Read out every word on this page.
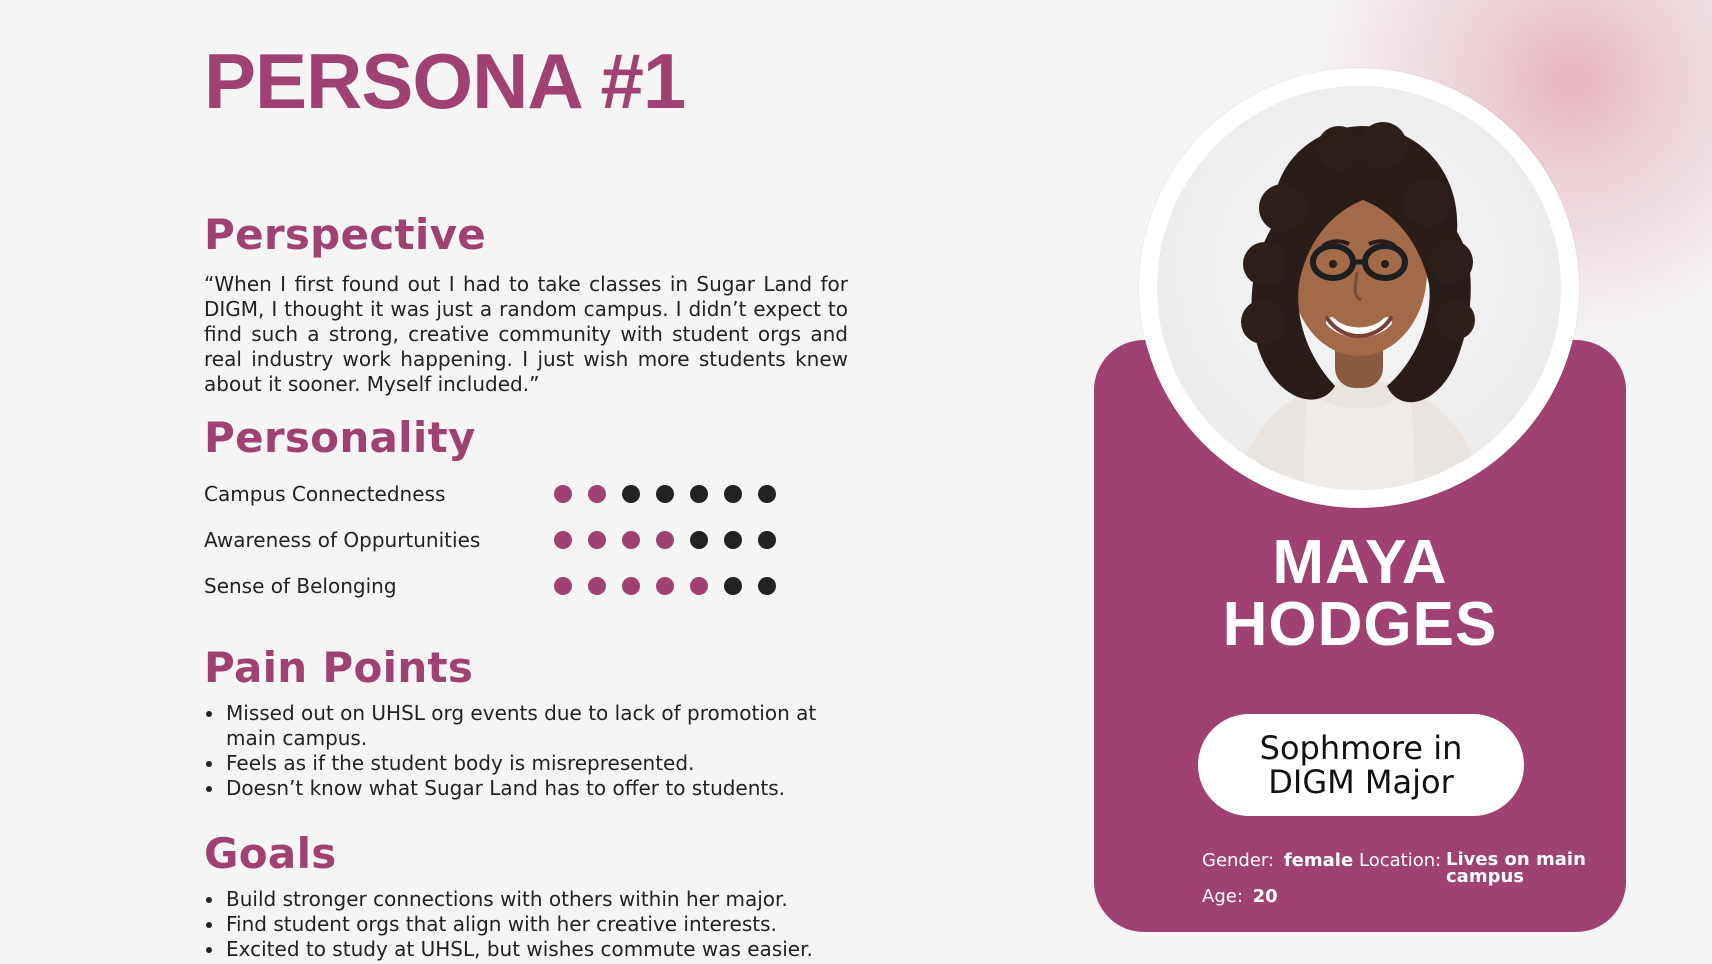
PERSONA #1
Perspective

“When I first found out I had to take classes in Sugar Land for DIGM, I thought it was just a random campus. I didn’t expect to find such a strong, creative community with student orgs and real industry work happening. I just wish more students knew about it sooner. Myself included.”

Personality
Campus Connectedness
Awareness of Oppurtunities
Sense of Belonging
Pain Points
Missed out on UHSL org events due to lack of promotion at main campus.
Feels as if the student body is misrepresented.
Doesn’t know what Sugar Land has to offer to students.
Goals
Build stronger connections with others within her major.
Find student orgs that align with her creative interests.
Excited to study at UHSL, but wishes commute was easier.
MAYA
HODGES
Sophmore in DIGM Major
Gender: female Location: Lives on main campus
Age: 20
